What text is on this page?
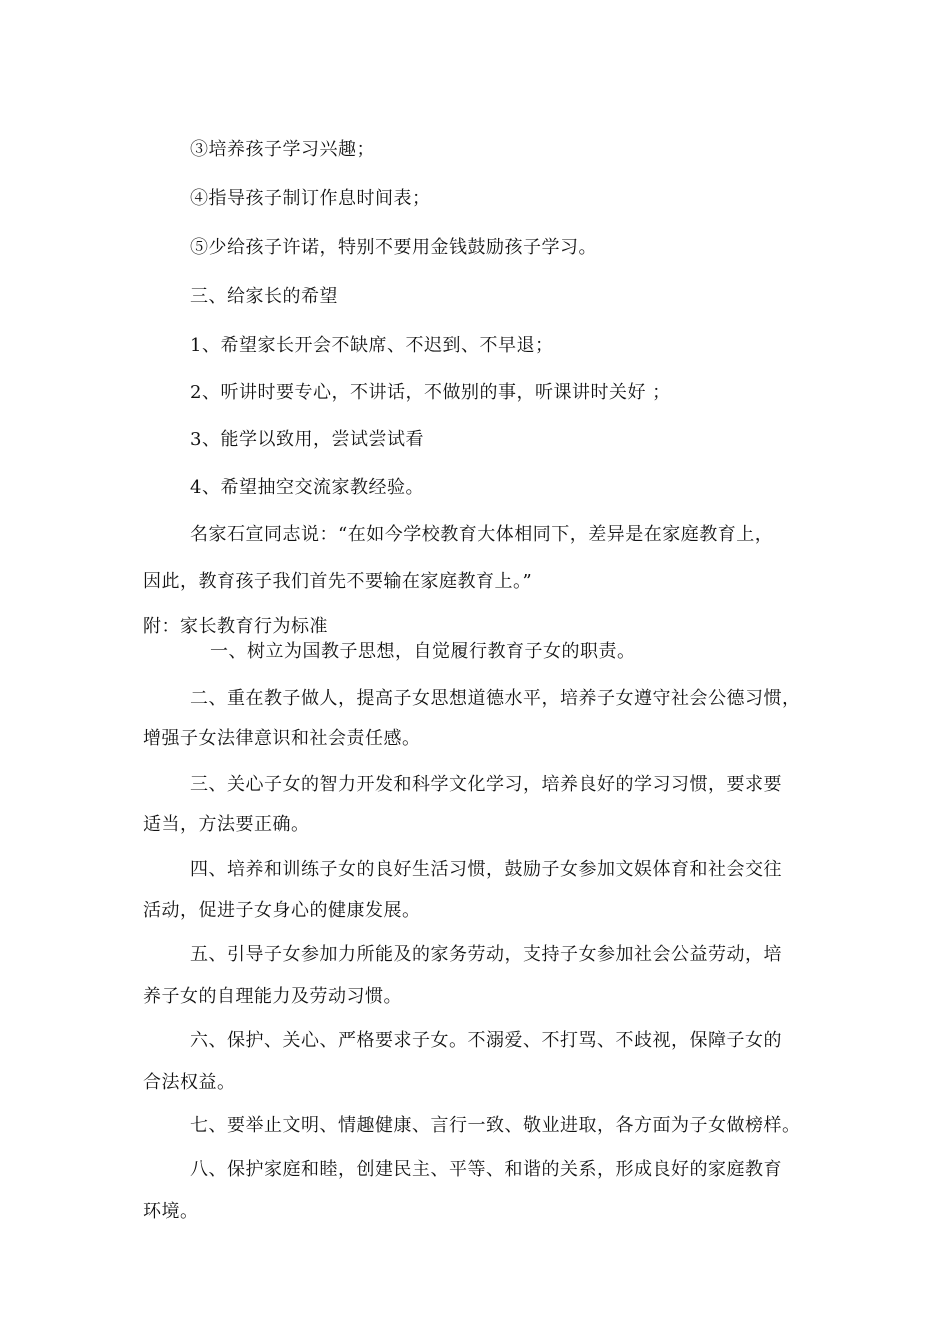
③培养孩子学习兴趣；
④指导孩子制订作息时间表；
⑤少给孩子许诺，特别不要用金钱鼓励孩子学习。
三、给家长的希望
1、希望家长开会不缺席、不迟到、不早退；
2、听讲时要专心，不讲话，不做别的事，听课讲时关好 ；
3、能学以致用，尝试尝试看
4、希望抽空交流家教经验。
名家石宣同志说：“在如今学校教育大体相同下，差异是在家庭教育上，
因此，教育孩子我们首先不要输在家庭教育上。”
附：家长教育行为标准
一、树立为国教子思想，自觉履行教育子女的职责。
二、重在教子做人，提高子女思想道德水平，培养子女遵守社会公德习惯，
增强子女法律意识和社会责任感。
三、关心子女的智力开发和科学文化学习，培养良好的学习习惯，要求要
适当，方法要正确。
四、培养和训练子女的良好生活习惯，鼓励子女参加文娱体育和社会交往
活动，促进子女身心的健康发展。
五、引导子女参加力所能及的家务劳动，支持子女参加社会公益劳动，培
养子女的自理能力及劳动习惯。
六、保护、关心、严格要求子女。不溺爱、不打骂、不歧视，保障子女的
合法权益。
七、要举止文明、情趣健康、言行一致、敬业进取，各方面为子女做榜样。
八、保护家庭和睦，创建民主、平等、和谐的关系，形成良好的家庭教育
环境。
